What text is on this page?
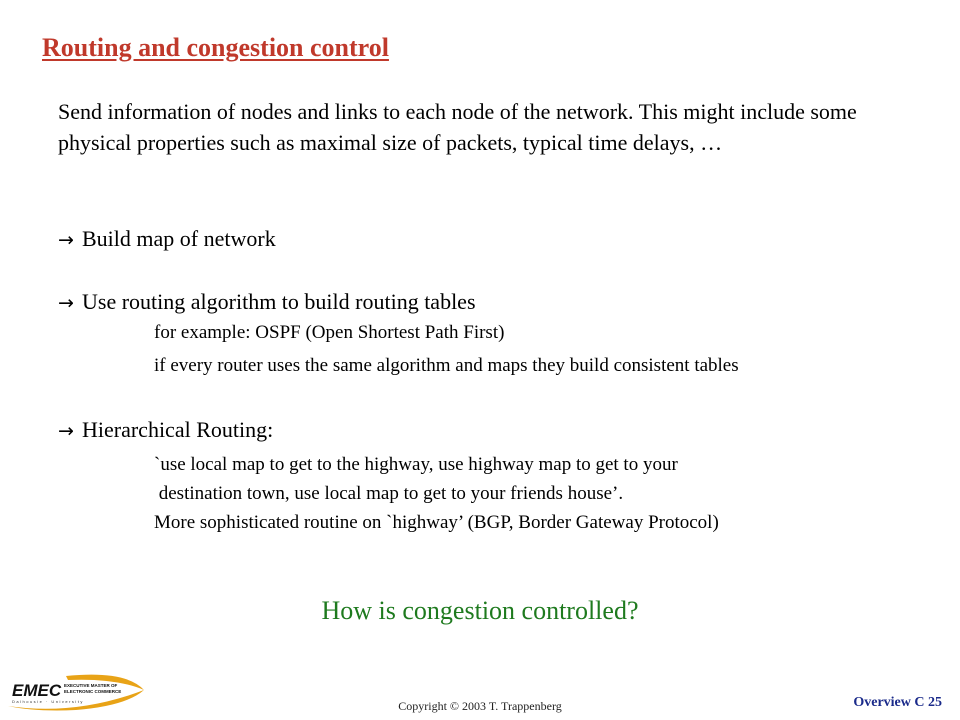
Routing and congestion control
Send information of nodes and links to each node of the network. This might include some physical properties such as maximal size of packets, typical time delays, …
→ Build map of network
→ Use routing algorithm to build routing tables
for example: OSPF (Open Shortest Path First)
if every router uses the same algorithm and maps they build consistent tables
→ Hierarchical Routing:
`use local map to get to the highway, use highway map to get to your
destination town, use local map to get to your friends house’.
More sophisticated routine on `highway’ (BGP, Border Gateway Protocol)
How is congestion controlled?
EMEC EXECUTIVE MASTER OF
ELECTRONIC COMMERCE
Dalhousie · University	Copyright © 2003 T. Trappenberg	Overview C 25
